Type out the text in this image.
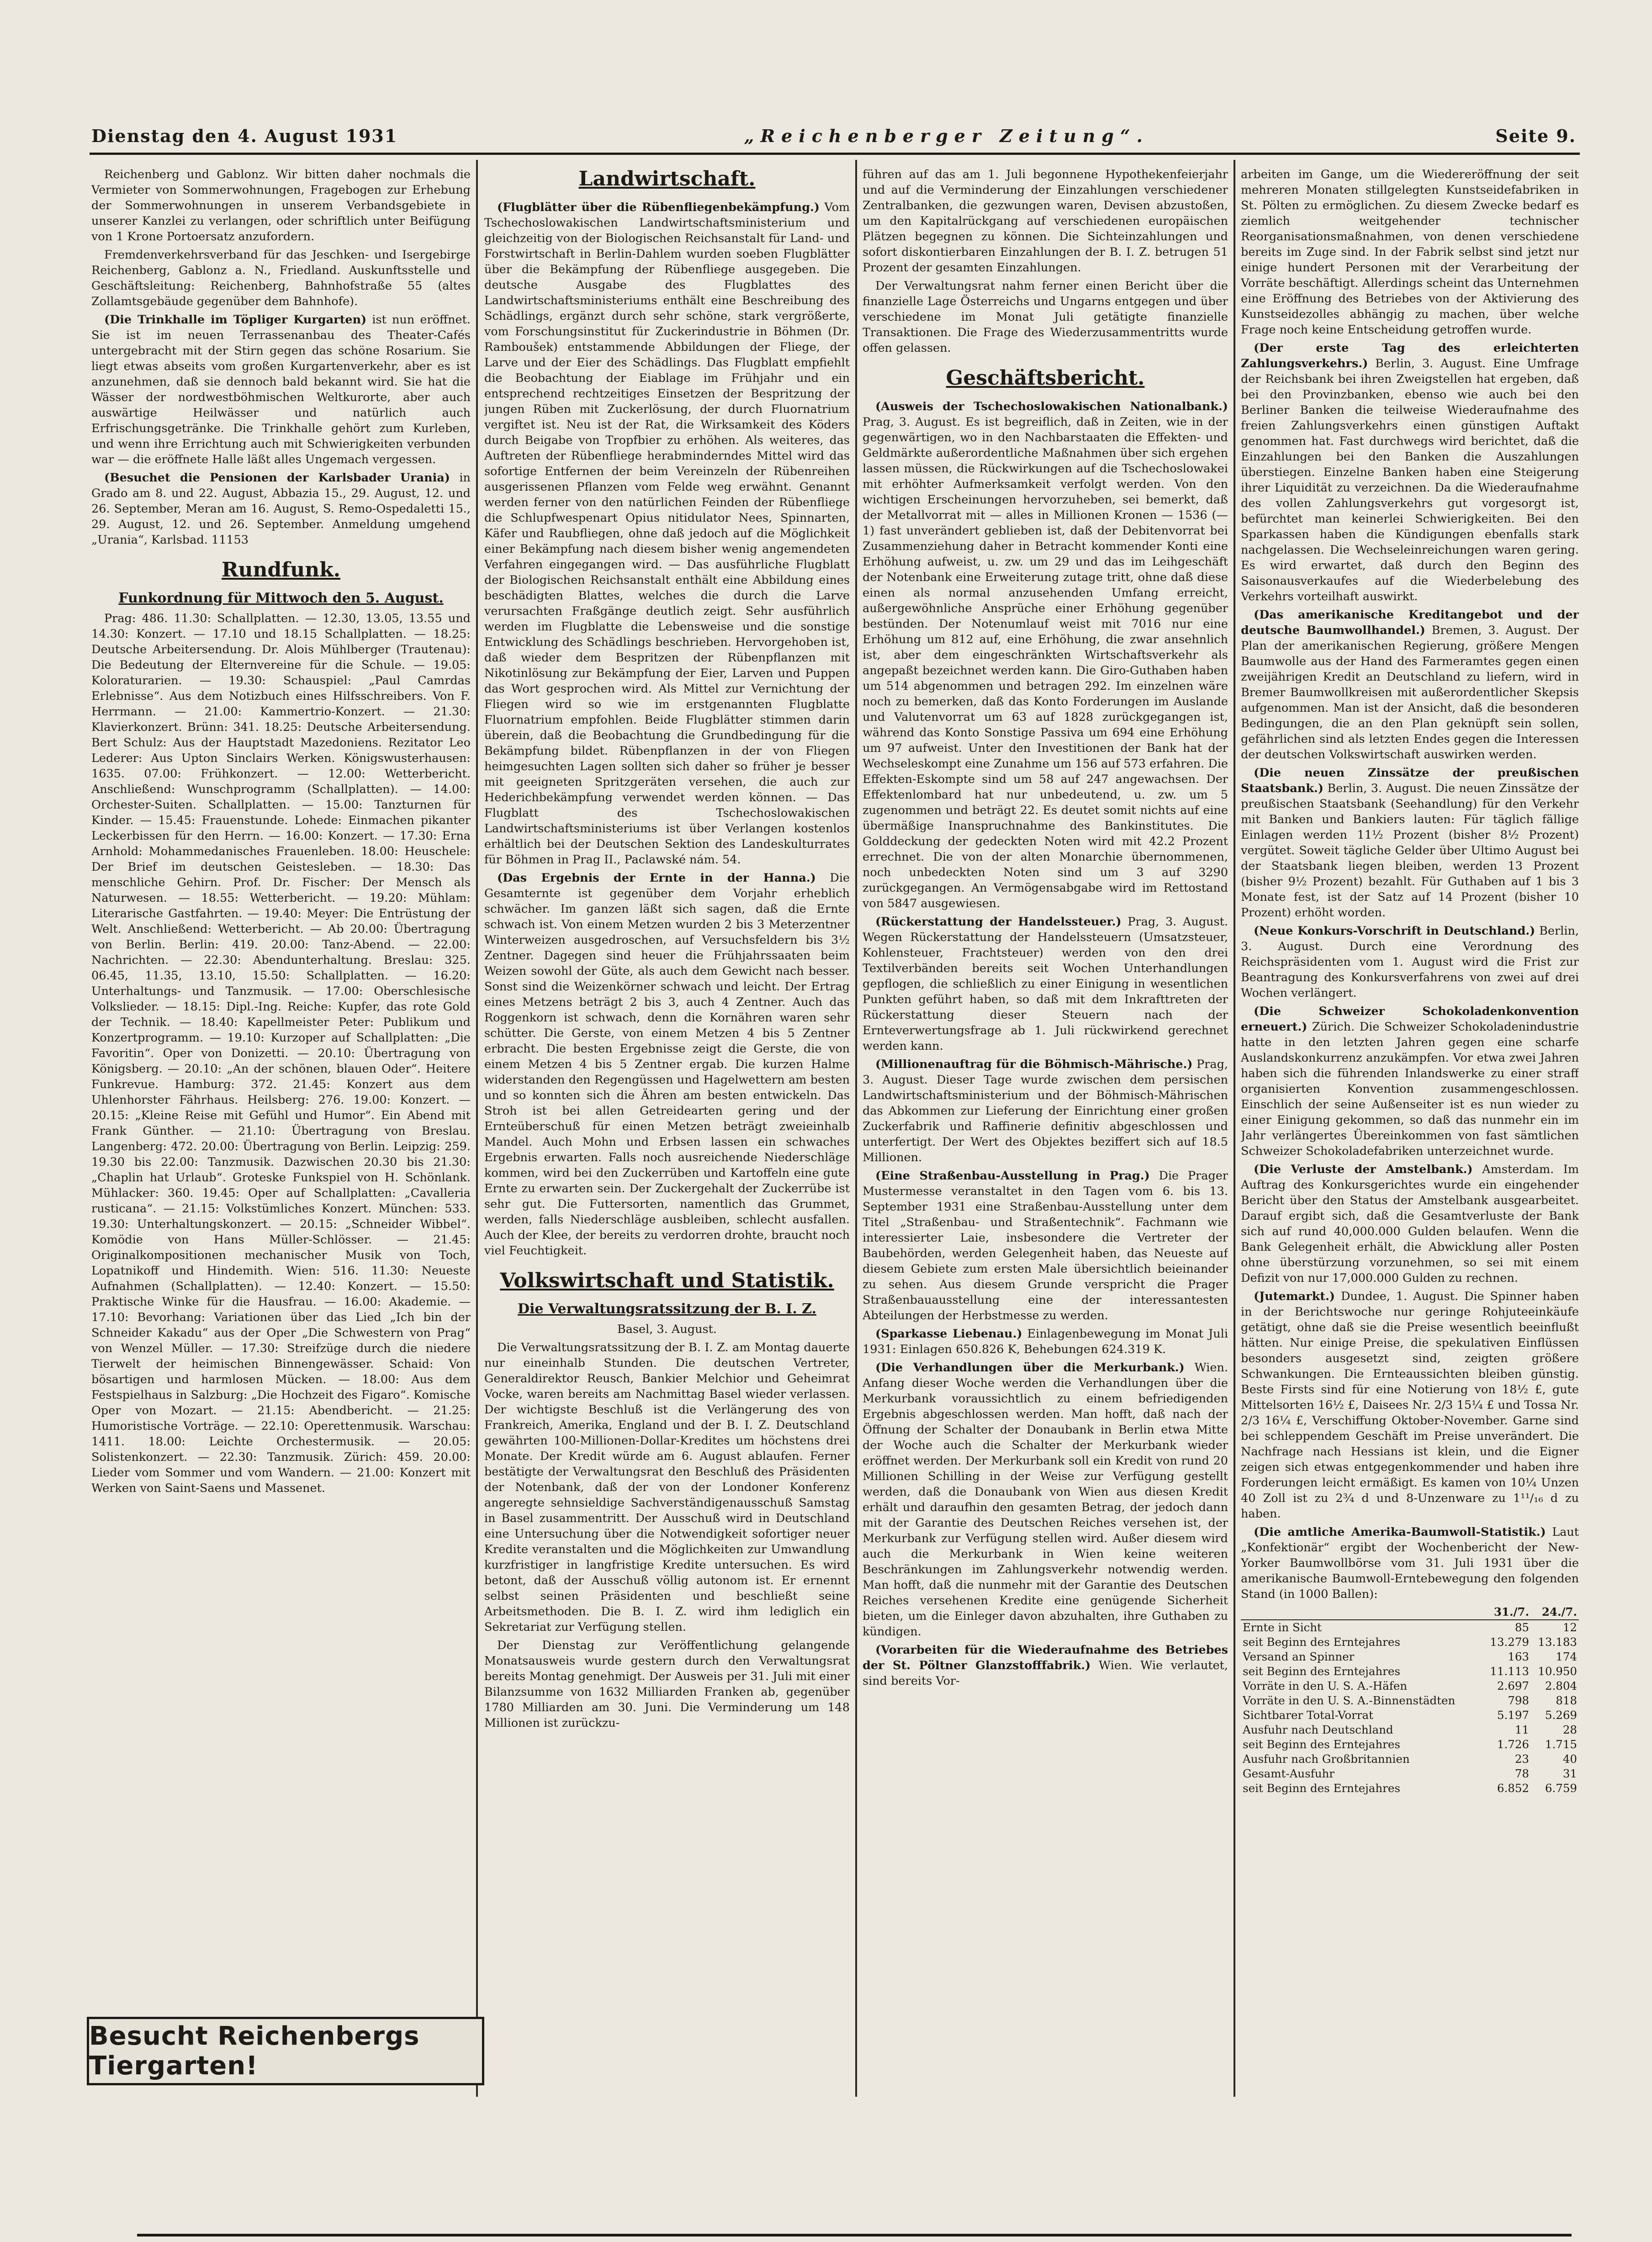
Dienstag den 4. August 1931	„Reichenberger Zeitung“.	Seite 9.

Reichenberg und Gablonz. Wir bitten daher nochmals die Vermieter von Sommerwohnungen, Fragebogen zur Erhebung der Sommerwohnungen in unserem Verbandsgebiete in unserer Kanzlei zu verlangen, oder schriftlich unter Beifügung von 1 Krone Portoersatz anzufordern.

Fremdenverkehrsverband für das Jeschken- und Isergebirge Reichenberg, Gablonz a. N., Friedland. Auskunftsstelle und Geschäftsleitung: Reichenberg, Bahnhofstraße 55 (altes Zollamtsgebäude gegenüber dem Bahnhofe).

(Die Trinkhalle im Töpliger Kurgarten) ist nun eröffnet. Sie ist im neuen Terrassenanbau des Theater-Cafés untergebracht mit der Stirn gegen das schöne Rosarium. Sie liegt etwas abseits vom großen Kurgartenverkehr, aber es ist anzunehmen, daß sie dennoch bald bekannt wird. Sie hat die Wässer der nordwestböhmischen Weltkurorte, aber auch auswärtige Heilwässer und natürlich auch Erfrischungsgetränke. Die Trinkhalle gehört zum Kurleben, und wenn ihre Errichtung auch mit Schwierigkeiten verbunden war — die eröffnete Halle läßt alles Ungemach vergessen.

(Besuchet die Pensionen der Karlsbader Urania) in Grado am 8. und 22. August, Abbazia 15., 29. August, 12. und 26. September, Meran am 16. August, S. Remo-Ospedaletti 15., 29. August, 12. und 26. September. Anmeldung umgehend „Urania“, Karlsbad. 11153

Rundfunk.
Funkordnung für Mittwoch den 5. August.

Prag: 486. 11.30: Schallplatten. — 12.30, 13.05, 13.55 und 14.30: Konzert. — 17.10 und 18.15 Schallplatten. — 18.25: Deutsche Arbeitersendung. Dr. Alois Mühlberger (Trautenau): Die Bedeutung der Elternvereine für die Schule. — 19.05: Koloraturarien. — 19.30: Schauspiel: „Paul Camrdas Erlebnisse“. Aus dem Notizbuch eines Hilfsschreibers. Von F. Herrmann. — 21.00: Kammertrio-Konzert. — 21.30: Klavierkonzert. Brünn: 341. 18.25: Deutsche Arbeitersendung. Bert Schulz: Aus der Hauptstadt Mazedoniens. Rezitator Leo Lederer: Aus Upton Sinclairs Werken. Königswusterhausen: 1635. 07.00: Frühkonzert. — 12.00: Wetterbericht. Anschließend: Wunschprogramm (Schallplatten). — 14.00: Orchester-Suiten. Schallplatten. — 15.00: Tanzturnen für Kinder. — 15.45: Frauenstunde. Lohede: Einmachen pikanter Leckerbissen für den Herrn. — 16.00: Konzert. — 17.30: Erna Arnhold: Mohammedanisches Frauenleben. 18.00: Heuschele: Der Brief im deutschen Geistesleben. — 18.30: Das menschliche Gehirn. Prof. Dr. Fischer: Der Mensch als Naturwesen. — 18.55: Wetterbericht. — 19.20: Mühlam: Literarische Gastfahrten. — 19.40: Meyer: Die Entrüstung der Welt. Anschließend: Wetterbericht. — Ab 20.00: Übertragung von Berlin. Berlin: 419. 20.00: Tanz-Abend. — 22.00: Nachrichten. — 22.30: Abendunterhaltung. Breslau: 325. 06.45, 11.35, 13.10, 15.50: Schallplatten. — 16.20: Unterhaltungs- und Tanzmusik. — 17.00: Oberschlesische Volkslieder. — 18.15: Dipl.-Ing. Reiche: Kupfer, das rote Gold der Technik. — 18.40: Kapellmeister Peter: Publikum und Konzertprogramm. — 19.10: Kurzoper auf Schallplatten: „Die Favoritin“. Oper von Donizetti. — 20.10: Übertragung von Königsberg. — 20.10: „An der schönen, blauen Oder“. Heitere Funkrevue. Hamburg: 372. 21.45: Konzert aus dem Uhlenhorster Fährhaus. Heilsberg: 276. 19.00: Konzert. — 20.15: „Kleine Reise mit Gefühl und Humor“. Ein Abend mit Frank Günther. — 21.10: Übertragung von Breslau. Langenberg: 472. 20.00: Übertragung von Berlin. Leipzig: 259. 19.30 bis 22.00: Tanzmusik. Dazwischen 20.30 bis 21.30: „Chaplin hat Urlaub“. Groteske Funkspiel von H. Schönlank. Mühlacker: 360. 19.45: Oper auf Schallplatten: „Cavalleria rusticana“. — 21.15: Volkstümliches Konzert. München: 533. 19.30: Unterhaltungskonzert. — 20.15: „Schneider Wibbel“. Komödie von Hans Müller-Schlösser. — 21.45: Originalkompositionen mechanischer Musik von Toch, Lopatnikoff und Hindemith. Wien: 516. 11.30: Neueste Aufnahmen (Schallplatten). — 12.40: Konzert. — 15.50: Praktische Winke für die Hausfrau. — 16.00: Akademie. — 17.10: Bevorhang: Variationen über das Lied „Ich bin der Schneider Kakadu“ aus der Oper „Die Schwestern von Prag“ von Wenzel Müller. — 17.30: Streifzüge durch die niedere Tierwelt der heimischen Binnengewässer. Schaid: Von bösartigen und harmlosen Mücken. — 18.00: Aus dem Festspielhaus in Salzburg: „Die Hochzeit des Figaro“. Komische Oper von Mozart. — 21.15: Abendbericht. — 21.25: Humoristische Vorträge. — 22.10: Operettenmusik. Warschau: 1411. 18.00: Leichte Orchestermusik. — 20.05: Solistenkonzert. — 22.30: Tanzmusik. Zürich: 459. 20.00: Lieder vom Sommer und vom Wandern. — 21.00: Konzert mit Werken von Saint-Saens und Massenet.

Besucht Reichenbergs Tiergarten!
Landwirtschaft.

(Flugblätter über die Rübenfliegenbekämpfung.) Vom Tschechoslowakischen Landwirtschaftsministerium und gleichzeitig von der Biologischen Reichsanstalt für Land- und Forstwirtschaft in Berlin-Dahlem wurden soeben Flugblätter über die Bekämpfung der Rübenfliege ausgegeben. Die deutsche Ausgabe des Flugblattes des Landwirtschaftsministeriums enthält eine Beschreibung des Schädlings, ergänzt durch sehr schöne, stark vergrößerte, vom Forschungsinstitut für Zuckerindustrie in Böhmen (Dr. Ramboušek) entstammende Abbildungen der Fliege, der Larve und der Eier des Schädlings. Das Flugblatt empfiehlt die Beobachtung der Eiablage im Frühjahr und ein entsprechend rechtzeitiges Einsetzen der Bespritzung der jungen Rüben mit Zuckerlösung, der durch Fluornatrium vergiftet ist. Neu ist der Rat, die Wirksamkeit des Köders durch Beigabe von Tropfbier zu erhöhen. Als weiteres, das Auftreten der Rübenfliege herabminderndes Mittel wird das sofortige Entfernen der beim Vereinzeln der Rübenreihen ausgerissenen Pflanzen vom Felde weg erwähnt. Genannt werden ferner von den natürlichen Feinden der Rübenfliege die Schlupfwespenart Opius nitidulator Nees, Spinnarten, Käfer und Raubfliegen, ohne daß jedoch auf die Möglichkeit einer Bekämpfung nach diesem bisher wenig angemendeten Verfahren eingegangen wird. — Das ausführliche Flugblatt der Biologischen Reichsanstalt enthält eine Abbildung eines beschädigten Blattes, welches die durch die Larve verursachten Fraßgänge deutlich zeigt. Sehr ausführlich werden im Flugblatte die Lebensweise und die sonstige Entwicklung des Schädlings beschrieben. Hervorgehoben ist, daß wieder dem Bespritzen der Rübenpflanzen mit Nikotinlösung zur Bekämpfung der Eier, Larven und Puppen das Wort gesprochen wird. Als Mittel zur Vernichtung der Fliegen wird so wie im erstgenannten Flugblatte Fluornatrium empfohlen. Beide Flugblätter stimmen darin überein, daß die Beobachtung die Grundbedingung für die Bekämpfung bildet. Rübenpflanzen in der von Fliegen heimgesuchten Lagen sollten sich daher so früher je besser mit geeigneten Spritzgeräten versehen, die auch zur Hederichbekämpfung verwendet werden können. — Das Flugblatt des Tschechoslowakischen Landwirtschaftsministeriums ist über Verlangen kostenlos erhältlich bei der Deutschen Sektion des Landeskulturrates für Böhmen in Prag II., Paclawské nám. 54.

(Das Ergebnis der Ernte in der Hanna.) Die Gesamternte ist gegenüber dem Vorjahr erheblich schwächer. Im ganzen läßt sich sagen, daß die Ernte schwach ist. Von einem Metzen wurden 2 bis 3 Meterzentner Winterweizen ausgedroschen, auf Versuchsfeldern bis 3½ Zentner. Dagegen sind heuer die Frühjahrssaaten beim Weizen sowohl der Güte, als auch dem Gewicht nach besser. Sonst sind die Weizenkörner schwach und leicht. Der Ertrag eines Metzens beträgt 2 bis 3, auch 4 Zentner. Auch das Roggenkorn ist schwach, denn die Kornähren waren sehr schütter. Die Gerste, von einem Metzen 4 bis 5 Zentner erbracht. Die besten Ergebnisse zeigt die Gerste, die von einem Metzen 4 bis 5 Zentner ergab. Die kurzen Halme widerstanden den Regengüssen und Hagelwettern am besten und so konnten sich die Ähren am besten entwickeln. Das Stroh ist bei allen Getreidearten gering und der Ernteüberschuß für einen Metzen beträgt zweieinhalb Mandel. Auch Mohn und Erbsen lassen ein schwaches Ergebnis erwarten. Falls noch ausreichende Niederschläge kommen, wird bei den Zuckerrüben und Kartoffeln eine gute Ernte zu erwarten sein. Der Zuckergehalt der Zuckerrübe ist sehr gut. Die Futtersorten, namentlich das Grummet, werden, falls Niederschläge ausbleiben, schlecht ausfallen. Auch der Klee, der bereits zu verdorren drohte, braucht noch viel Feuchtigkeit.

Volkswirtschaft und Statistik.
Die Verwaltungsratssitzung der B. I. Z.

Basel, 3. August.

Die Verwaltungsratssitzung der B. I. Z. am Montag dauerte nur eineinhalb Stunden. Die deutschen Vertreter, Generaldirektor Reusch, Bankier Melchior und Geheimrat Vocke, waren bereits am Nachmittag Basel wieder verlassen. Der wichtigste Beschluß ist die Verlängerung des von Frankreich, Amerika, England und der B. I. Z. Deutschland gewährten 100-Millionen-Dollar-Kredites um höchstens drei Monate. Der Kredit würde am 6. August ablaufen. Ferner bestätigte der Verwaltungsrat den Beschluß des Präsidenten der Notenbank, daß der von der Londoner Konferenz angeregte sehnsieldige Sachverständigenausschuß Samstag in Basel zusammentritt. Der Ausschuß wird in Deutschland eine Untersuchung über die Notwendigkeit sofortiger neuer Kredite veranstalten und die Möglichkeiten zur Umwandlung kurzfristiger in langfristige Kredite untersuchen. Es wird betont, daß der Ausschuß völlig autonom ist. Er ernennt selbst seinen Präsidenten und beschließt seine Arbeitsmethoden. Die B. I. Z. wird ihm lediglich ein Sekretariat zur Verfügung stellen.

Der Dienstag zur Veröffentlichung gelangende Monatsausweis wurde gestern durch den Verwaltungsrat bereits Montag genehmigt. Der Ausweis per 31. Juli mit einer Bilanzsumme von 1632 Milliarden Franken ab, gegenüber 1780 Milliarden am 30. Juni. Die Verminderung um 148 Millionen ist zurückzu-

führen auf das am 1. Juli begonnene Hypothekenfeierjahr und auf die Verminderung der Einzahlungen verschiedener Zentralbanken, die gezwungen waren, Devisen abzustoßen, um den Kapitalrückgang auf verschiedenen europäischen Plätzen begegnen zu können. Die Sichteinzahlungen und sofort diskontierbaren Einzahlungen der B. I. Z. betrugen 51 Prozent der gesamten Einzahlungen.

Der Verwaltungsrat nahm ferner einen Bericht über die finanzielle Lage Österreichs und Ungarns entgegen und über verschiedene im Monat Juli getätigte finanzielle Transaktionen. Die Frage des Wiederzusammentritts wurde offen gelassen.

Geschäftsbericht.

(Ausweis der Tschechoslowakischen Nationalbank.) Prag, 3. August. Es ist begreiflich, daß in Zeiten, wie in der gegenwärtigen, wo in den Nachbarstaaten die Effekten- und Geldmärkte außerordentliche Maßnahmen über sich ergehen lassen müssen, die Rückwirkungen auf die Tschechoslowakei mit erhöhter Aufmerksamkeit verfolgt werden. Von den wichtigen Erscheinungen hervorzuheben, sei bemerkt, daß der Metallvorrat mit — alles in Millionen Kronen — 1536 (—1) fast unverändert geblieben ist, daß der Debitenvorrat bei Zusammenziehung daher in Betracht kommender Konti eine Erhöhung aufweist, u. zw. um 29 und das im Leihgeschäft der Notenbank eine Erweiterung zutage tritt, ohne daß diese einen als normal anzusehenden Umfang erreicht, außergewöhnliche Ansprüche einer Erhöhung gegenüber bestünden. Der Notenumlauf weist mit 7016 nur eine Erhöhung um 812 auf, eine Erhöhung, die zwar ansehnlich ist, aber dem eingeschränkten Wirtschaftsverkehr als angepaßt bezeichnet werden kann. Die Giro-Guthaben haben um 514 abgenommen und betragen 292. Im einzelnen wäre noch zu bemerken, daß das Konto Forderungen im Auslande und Valutenvorrat um 63 auf 1828 zurückgegangen ist, während das Konto Sonstige Passiva um 694 eine Erhöhung um 97 aufweist. Unter den Investitionen der Bank hat der Wechseleskompt eine Zunahme um 156 auf 573 erfahren. Die Effekten-Eskompte sind um 58 auf 247 angewachsen. Der Effektenlombard hat nur unbedeutend, u. zw. um 5 zugenommen und beträgt 22. Es deutet somit nichts auf eine übermäßige Inanspruchnahme des Bankinstitutes. Die Golddeckung der gedeckten Noten wird mit 42.2 Prozent errechnet. Die von der alten Monarchie übernommenen, noch unbedeckten Noten sind um 3 auf 3290 zurückgegangen. An Vermögensabgabe wird im Rettostand von 5847 ausgewiesen.

(Rückerstattung der Handelssteuer.) Prag, 3. August. Wegen Rückerstattung der Handelssteuern (Umsatzsteuer, Kohlensteuer, Frachtsteuer) werden von den drei Textilverbänden bereits seit Wochen Unterhandlungen gepflogen, die schließlich zu einer Einigung in wesentlichen Punkten geführt haben, so daß mit dem Inkrafttreten der Rückerstattung dieser Steuern nach der Ernteverwertungsfrage ab 1. Juli rückwirkend gerechnet werden kann.

(Millionenauftrag für die Böhmisch-Mährische.) Prag, 3. August. Dieser Tage wurde zwischen dem persischen Landwirtschaftsministerium und der Böhmisch-Mährischen das Abkommen zur Lieferung der Einrichtung einer großen Zuckerfabrik und Raffinerie definitiv abgeschlossen und unterfertigt. Der Wert des Objektes beziffert sich auf 18.5 Millionen.

(Eine Straßenbau-Ausstellung in Prag.) Die Prager Mustermesse veranstaltet in den Tagen vom 6. bis 13. September 1931 eine Straßenbau-Ausstellung unter dem Titel „Straßenbau- und Straßentechnik“. Fachmann wie interessierter Laie, insbesondere die Vertreter der Baubehörden, werden Gelegenheit haben, das Neueste auf diesem Gebiete zum ersten Male übersichtlich beieinander zu sehen. Aus diesem Grunde verspricht die Prager Straßenbauausstellung eine der interessantesten Abteilungen der Herbstmesse zu werden.

(Sparkasse Liebenau.) Einlagenbewegung im Monat Juli 1931: Einlagen 650.826 K, Behebungen 624.319 K.

(Die Verhandlungen über die Merkurbank.) Wien. Anfang dieser Woche werden die Verhandlungen über die Merkurbank voraussichtlich zu einem befriedigenden Ergebnis abgeschlossen werden. Man hofft, daß nach der Öffnung der Schalter der Donaubank in Berlin etwa Mitte der Woche auch die Schalter der Merkurbank wieder eröffnet werden. Der Merkurbank soll ein Kredit von rund 20 Millionen Schilling in der Weise zur Verfügung gestellt werden, daß die Donaubank von Wien aus diesen Kredit erhält und daraufhin den gesamten Betrag, der jedoch dann mit der Garantie des Deutschen Reiches versehen ist, der Merkurbank zur Verfügung stellen wird. Außer diesem wird auch die Merkurbank in Wien keine weiteren Beschränkungen im Zahlungsverkehr notwendig werden. Man hofft, daß die nunmehr mit der Garantie des Deutschen Reiches versehenen Kredite eine genügende Sicherheit bieten, um die Einleger davon abzuhalten, ihre Guthaben zu kündigen.

(Vorarbeiten für die Wiederaufnahme des Betriebes der St. Pöltner Glanzstofffabrik.) Wien. Wie verlautet, sind bereits Vor-

arbeiten im Gange, um die Wiedereröffnung der seit mehreren Monaten stillgelegten Kunstseidefabriken in St. Pölten zu ermöglichen. Zu diesem Zwecke bedarf es ziemlich weitgehender technischer Reorganisationsmaßnahmen, von denen verschiedene bereits im Zuge sind. In der Fabrik selbst sind jetzt nur einige hundert Personen mit der Verarbeitung der Vorräte beschäftigt. Allerdings scheint das Unternehmen eine Eröffnung des Betriebes von der Aktivierung des Kunstseidezolles abhängig zu machen, über welche Frage noch keine Entscheidung getroffen wurde.

(Der erste Tag des erleichterten Zahlungsverkehrs.) Berlin, 3. August. Eine Umfrage der Reichsbank bei ihren Zweigstellen hat ergeben, daß bei den Provinzbanken, ebenso wie auch bei den Berliner Banken die teilweise Wiederaufnahme des freien Zahlungsverkehrs einen günstigen Auftakt genommen hat. Fast durchwegs wird berichtet, daß die Einzahlungen bei den Banken die Auszahlungen überstiegen. Einzelne Banken haben eine Steigerung ihrer Liquidität zu verzeichnen. Da die Wiederaufnahme des vollen Zahlungsverkehrs gut vorgesorgt ist, befürchtet man keinerlei Schwierigkeiten. Bei den Sparkassen haben die Kündigungen ebenfalls stark nachgelassen. Die Wechseleinreichungen waren gering. Es wird erwartet, daß durch den Beginn des Saisonausverkaufes auf die Wiederbelebung des Verkehrs vorteilhaft auswirkt.

(Das amerikanische Kreditangebot und der deutsche Baumwollhandel.) Bremen, 3. August. Der Plan der amerikanischen Regierung, größere Mengen Baumwolle aus der Hand des Farmeramtes gegen einen zweijährigen Kredit an Deutschland zu liefern, wird in Bremer Baumwollkreisen mit außerordentlicher Skepsis aufgenommen. Man ist der Ansicht, daß die besonderen Bedingungen, die an den Plan geknüpft sein sollen, gefährlichen sind als letzten Endes gegen die Interessen der deutschen Volkswirtschaft auswirken werden.

(Die neuen Zinssätze der preußischen Staatsbank.) Berlin, 3. August. Die neuen Zinssätze der preußischen Staatsbank (Seehandlung) für den Verkehr mit Banken und Bankiers lauten: Für täglich fällige Einlagen werden 11½ Prozent (bisher 8½ Prozent) vergütet. Soweit tägliche Gelder über Ultimo August bei der Staatsbank liegen bleiben, werden 13 Prozent (bisher 9½ Prozent) bezahlt. Für Guthaben auf 1 bis 3 Monate fest, ist der Satz auf 14 Prozent (bisher 10 Prozent) erhöht worden.

(Neue Konkurs-Vorschrift in Deutschland.) Berlin, 3. August. Durch eine Verordnung des Reichspräsidenten vom 1. August wird die Frist zur Beantragung des Konkursverfahrens von zwei auf drei Wochen verlängert.

(Die Schweizer Schokoladenkonvention erneuert.) Zürich. Die Schweizer Schokoladenindustrie hatte in den letzten Jahren gegen eine scharfe Auslandskonkurrenz anzukämpfen. Vor etwa zwei Jahren haben sich die führenden Inlandswerke zu einer straff organisierten Konvention zusammengeschlossen. Einschlich der seine Außenseiter ist es nun wieder zu einer Einigung gekommen, so daß das nunmehr ein im Jahr verlängertes Übereinkommen von fast sämtlichen Schweizer Schokoladefabriken unterzeichnet wurde.

(Die Verluste der Amstelbank.) Amsterdam. Im Auftrag des Konkursgerichtes wurde ein eingehender Bericht über den Status der Amstelbank ausgearbeitet. Darauf ergibt sich, daß die Gesamtverluste der Bank sich auf rund 40,000.000 Gulden belaufen. Wenn die Bank Gelegenheit erhält, die Abwicklung aller Posten ohne überstürzung vorzunehmen, so sei mit einem Defizit von nur 17,000.000 Gulden zu rechnen.

(Jutemarkt.) Dundee, 1. August. Die Spinner haben in der Berichtswoche nur geringe Rohjuteeinkäufe getätigt, ohne daß sie die Preise wesentlich beeinflußt hätten. Nur einige Preise, die spekulativen Einflüssen besonders ausgesetzt sind, zeigten größere Schwankungen. Die Ernteaussichten bleiben günstig. Beste Firsts sind für eine Notierung von 18½ £, gute Mittelsorten 16½ £, Daisees Nr. 2/3 15¼ £ und Tossa Nr. 2/3 16¼ £, Verschiffung Oktober-November. Garne sind bei schleppendem Geschäft im Preise unverändert. Die Nachfrage nach Hessians ist klein, und die Eigner zeigen sich etwas entgegenkommender und haben ihre Forderungen leicht ermäßigt. Es kamen von 10¼ Unzen 40 Zoll ist zu 2¾ d und 8-Unzenware zu 1¹¹/₁₆ d zu haben.

(Die amtliche Amerika-Baumwoll-Statistik.) Laut „Konfektionär“ ergibt der Wochenbericht der New-Yorker Baumwollbörse vom 31. Juli 1931 über die amerikanische Baumwoll-Erntebewegung den folgenden Stand (in 1000 Ballen):

	31./7.	24./7.
Ernte in Sicht	85	12
seit Beginn des Erntejahres	13.279	13.183
Versand an Spinner	163	174
seit Beginn des Erntejahres	11.113	10.950
Vorräte in den U. S. A.-Häfen	2.697	2.804
Vorräte in den U. S. A.-Binnenstädten	798	818
Sichtbarer Total-Vorrat	5.197	5.269
Ausfuhr nach Deutschland	11	28
seit Beginn des Erntejahres	1.726	1.715
Ausfuhr nach Großbritannien	23	40
Gesamt-Ausfuhr	78	31
seit Beginn des Erntejahres	6.852	6.759
